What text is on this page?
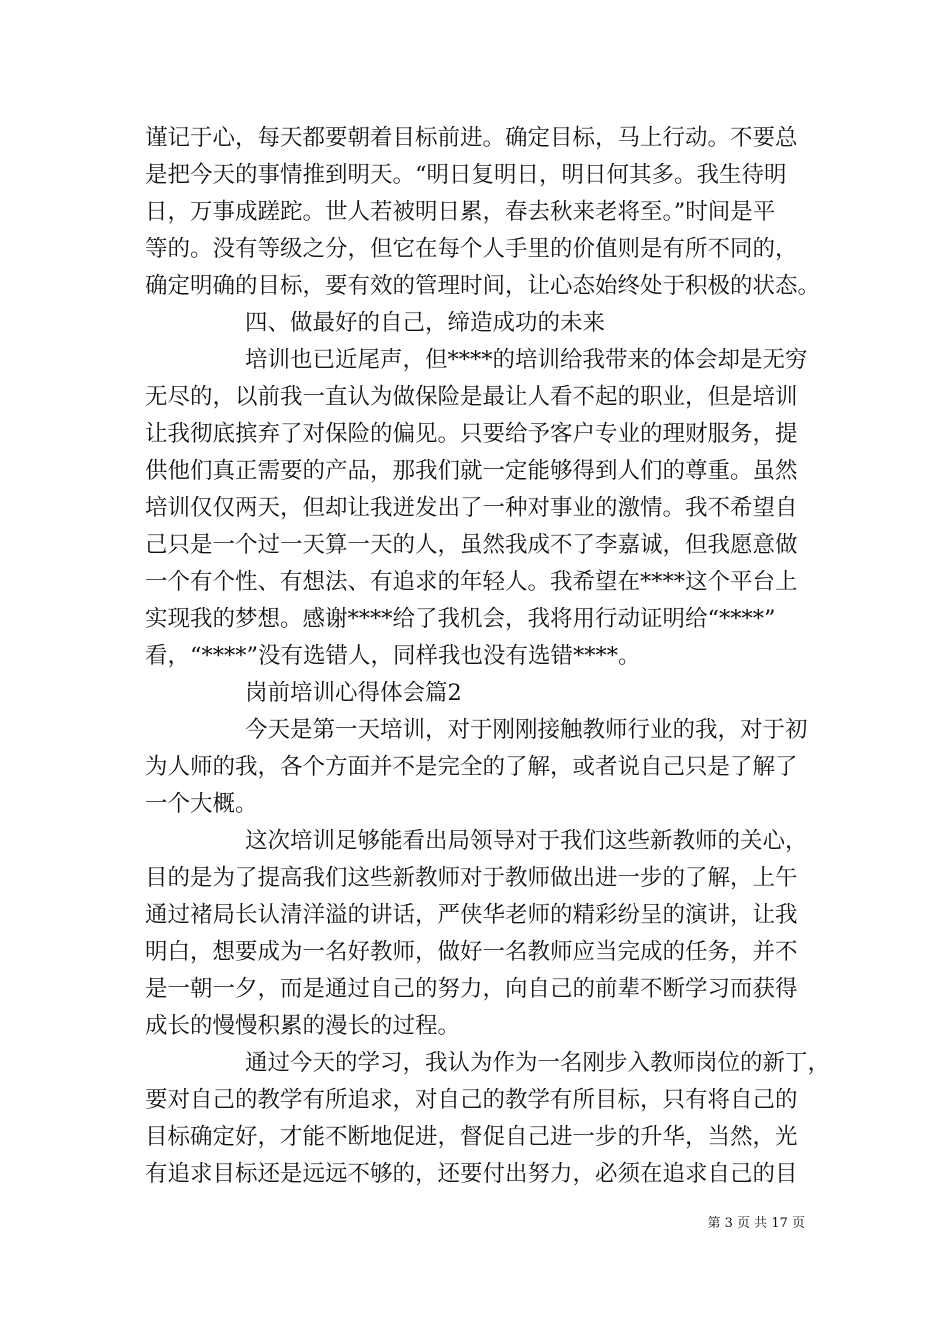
谨记于心，每天都要朝着目标前进。确定目标，马上行动。不要总
是把今天的事情推到明天。“明日复明日，明日何其多。我生待明
日，万事成蹉跎。世人若被明日累，春去秋来老将至。”时间是平
等的。没有等级之分，但它在每个人手里的价值则是有所不同的，
确定明确的目标，要有效的管理时间，让心态始终处于积极的状态。
四、做最好的自己，缔造成功的未来
培训也已近尾声，但****的培训给我带来的体会却是无穷
无尽的，以前我一直认为做保险是最让人看不起的职业，但是培训
让我彻底摈弃了对保险的偏见。只要给予客户专业的理财服务，提
供他们真正需要的产品，那我们就一定能够得到人们的尊重。虽然
培训仅仅两天，但却让我迸发出了一种对事业的激情。我不希望自
己只是一个过一天算一天的人，虽然我成不了李嘉诚，但我愿意做
一个有个性、有想法、有追求的年轻人。我希望在****这个平台上
实现我的梦想。感谢****给了我机会，我将用行动证明给“****”
看，“****”没有选错人，同样我也没有选错****。
岗前培训心得体会篇2
今天是第一天培训，对于刚刚接触教师行业的我，对于初
为人师的我，各个方面并不是完全的了解，或者说自己只是了解了
一个大概。
这次培训足够能看出局领导对于我们这些新教师的关心，
目的是为了提高我们这些新教师对于教师做出进一步的了解，上午
通过褚局长认清洋溢的讲话，严侠华老师的精彩纷呈的演讲，让我
明白，想要成为一名好教师，做好一名教师应当完成的任务，并不
是一朝一夕，而是通过自己的努力，向自己的前辈不断学习而获得
成长的慢慢积累的漫长的过程。
通过今天的学习，我认为作为一名刚步入教师岗位的新丁，
要对自己的教学有所追求，对自己的教学有所目标，只有将自己的
目标确定好，才能不断地促进，督促自己进一步的升华，当然，光
有追求目标还是远远不够的，还要付出努力，必须在追求自己的目
第 3 页 共 17 页
